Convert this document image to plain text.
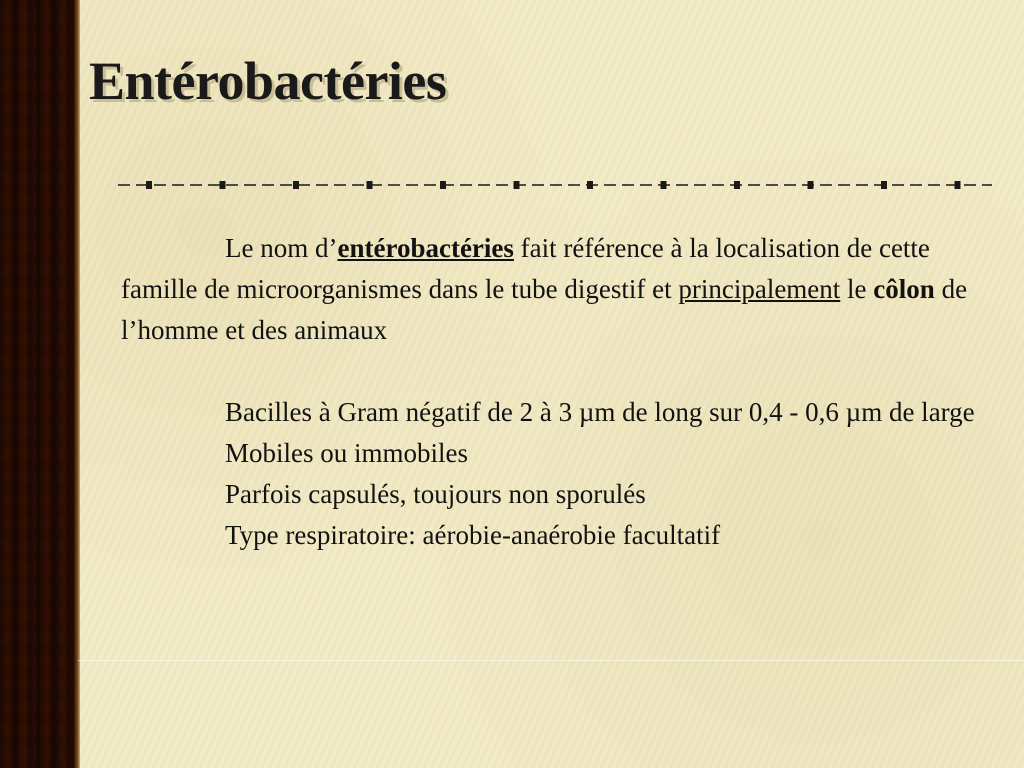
Entérobactéries

Le nom d’entérobactéries fait référence à la localisation de cette famille de microorganismes dans le tube digestif et principalement le côlon de l’homme et des animaux

Bacilles à Gram négatif de 2 à 3 µm de long sur 0,4 - 0,6 µm de large

Mobiles ou immobiles

Parfois capsulés, toujours non sporulés

Type respiratoire: aérobie-anaérobie facultatif
